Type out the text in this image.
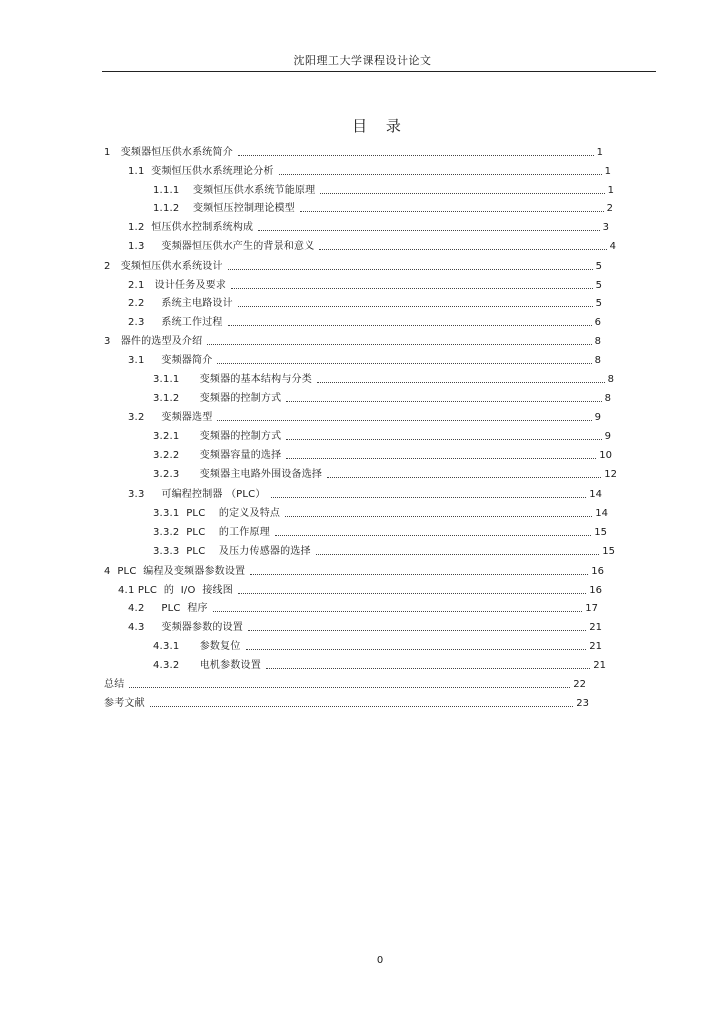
沈阳理工大学课程设计论文
目 录
1   变频器恒压供水系统简介	1
1.1  变频恒压供水系统理论分析	1
1.1.1    变频恒压供水系统节能原理	1
1.1.2    变频恒压控制理论模型	2
1.2  恒压供水控制系统构成	3
1.3     变频器恒压供水产生的背景和意义	4
2   变频恒压供水系统设计	5
2.1   设计任务及要求	5
2.2     系统主电路设计	5
2.3     系统工作过程	6
3   器件的选型及介绍	8
3.1     变频器简介	8
3.1.1      变频器的基本结构与分类	8
3.1.2      变频器的控制方式	8
3.2     变频器选型	9
3.2.1      变频器的控制方式	9
3.2.2      变频器容量的选择	10
3.2.3      变频器主电路外围设备选择	12
3.3     可编程控制器 （PLC）	14
3.3.1  PLC    的定义及特点	14
3.3.2  PLC    的工作原理	15
3.3.3  PLC    及压力传感器的选择	15
4  PLC  编程及变频器参数设置	16
4.1 PLC  的  I/O  接线图	16
4.2     PLC  程序	17
4.3     变频器参数的设置	21
4.3.1      参数复位	21
4.3.2      电机参数设置	21
总结	22
参考文献	23
0
